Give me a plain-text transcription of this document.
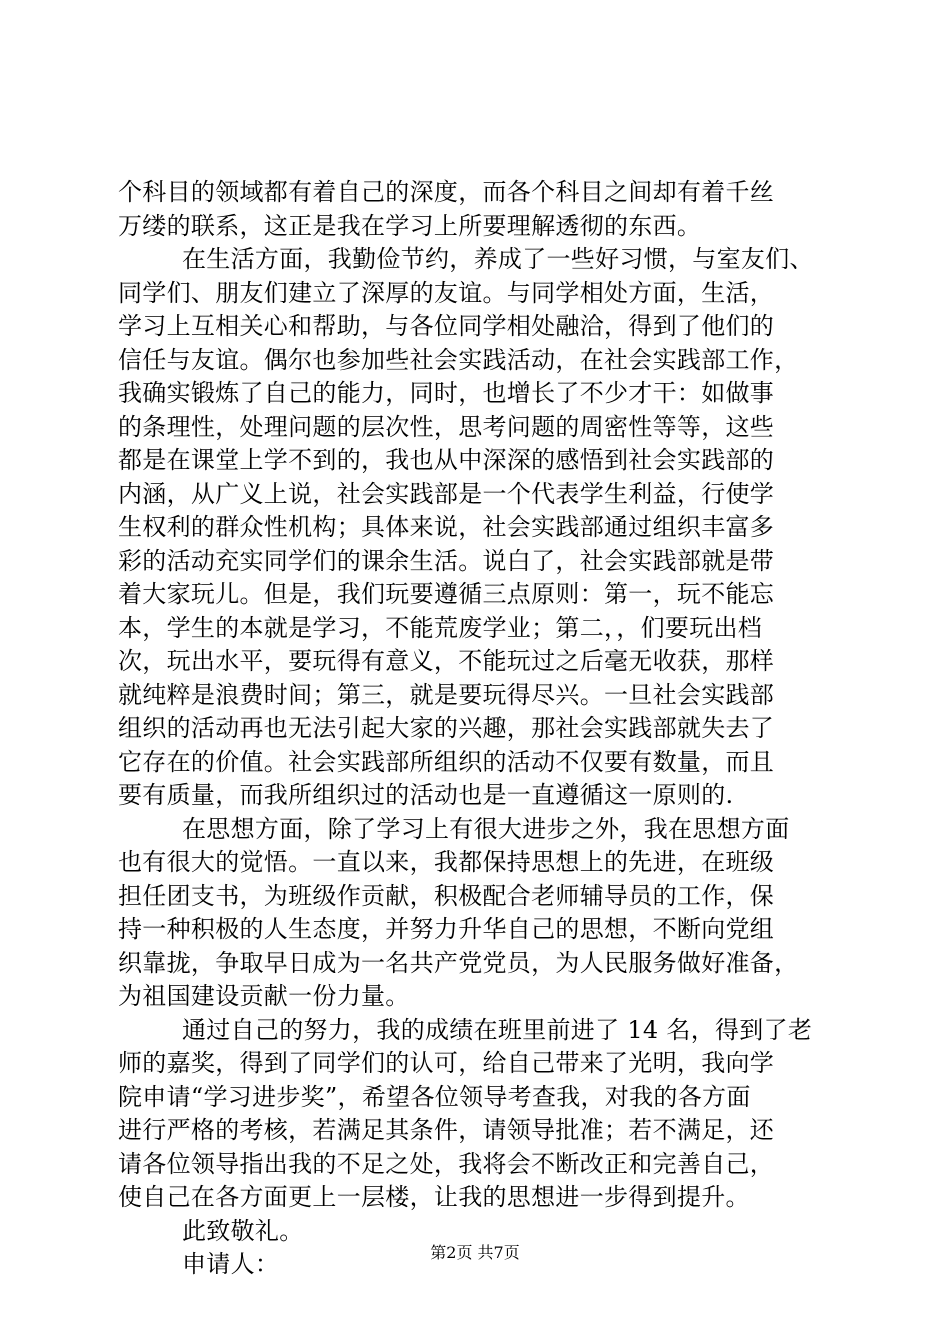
个科目的领域都有着自己的深度，而各个科目之间却有着千丝
万缕的联系，这正是我在学习上所要理解透彻的东西。
在生活方面，我勤俭节约，养成了一些好习惯，与室友们、
同学们、朋友们建立了深厚的友谊。与同学相处方面，生活，
学习上互相关心和帮助，与各位同学相处融洽，得到了他们的
信任与友谊。偶尔也参加些社会实践活动，在社会实践部工作，
我确实锻炼了自己的能力，同时，也增长了不少才干：如做事
的条理性，处理问题的层次性，思考问题的周密性等等，这些
都是在课堂上学不到的，我也从中深深的感悟到社会实践部的
内涵，从广义上说，社会实践部是一个代表学生利益，行使学
生权利的群众性机构；具体来说，社会实践部通过组织丰富多
彩的活动充实同学们的课余生活。说白了，社会实践部就是带
着大家玩儿。但是，我们玩要遵循三点原则：第一，玩不能忘
本，学生的本就是学习，不能荒废学业；第二，，们要玩出档
次，玩出水平，要玩得有意义，不能玩过之后毫无收获，那样
就纯粹是浪费时间；第三，就是要玩得尽兴。一旦社会实践部
组织的活动再也无法引起大家的兴趣，那社会实践部就失去了
它存在的价值。社会实践部所组织的活动不仅要有数量，而且
要有质量，而我所组织过的活动也是一直遵循这一原则的.
在思想方面，除了学习上有很大进步之外，我在思想方面
也有很大的觉悟。一直以来，我都保持思想上的先进，在班级
担任团支书，为班级作贡献，积极配合老师辅导员的工作，保
持一种积极的人生态度，并努力升华自己的思想，不断向党组
织靠拢，争取早日成为一名共产党党员，为人民服务做好准备，
为祖国建设贡献一份力量。
通过自己的努力，我的成绩在班里前进了 14 名，得到了老
师的嘉奖，得到了同学们的认可，给自己带来了光明，我向学
院申请“学习进步奖”，希望各位领导考查我，对我的各方面
进行严格的考核，若满足其条件，请领导批准；若不满足，还
请各位领导指出我的不足之处，我将会不断改正和完善自己，
使自己在各方面更上一层楼，让我的思想进一步得到提升。
此致敬礼。
申请人：	第2页 共7页
